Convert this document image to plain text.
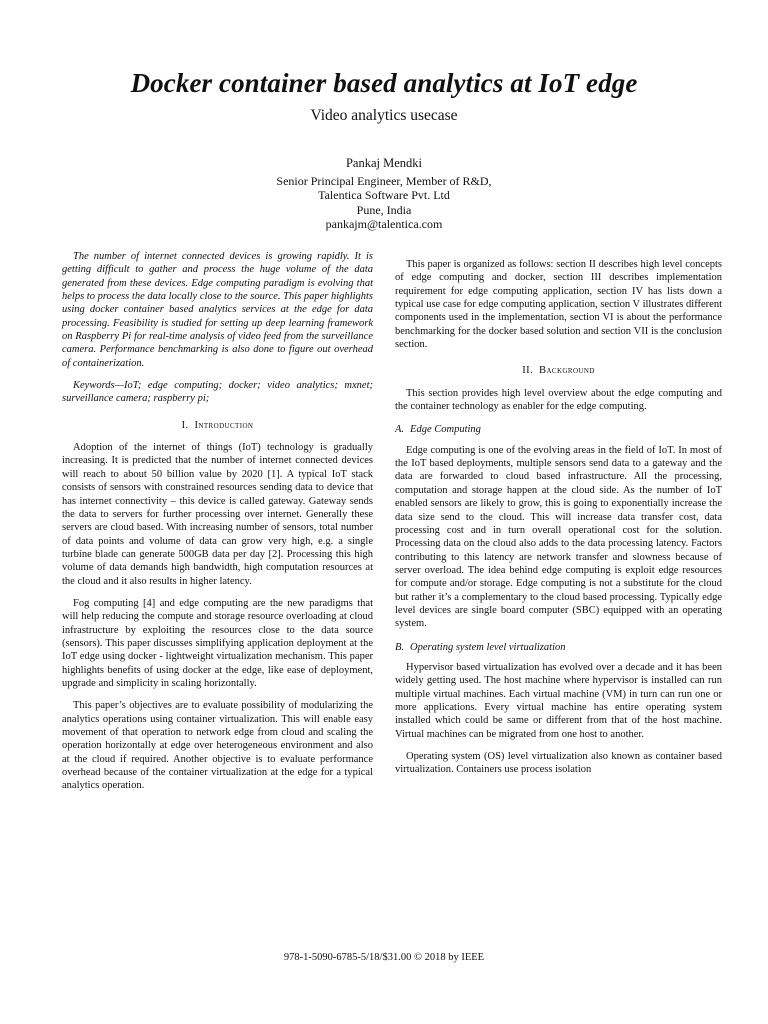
Docker container based analytics at IoT edge
Video analytics usecase
Pankaj Mendki
Senior Principal Engineer, Member of R&D,
Talentica Software Pvt. Ltd
Pune, India
pankajm@talentica.com

The number of internet connected devices is growing rapidly. It is getting difficult to gather and process the huge volume of the data generated from these devices. Edge computing paradigm is evolving that helps to process the data locally close to the source. This paper highlights using docker container based analytics services at the edge for data processing. Feasibility is studied for setting up deep learning framework on Raspberry Pi for real-time analysis of video feed from the surveillance camera. Performance benchmarking is also done to figure out overhead of containerization.

Keywords—IoT; edge computing; docker; video analytics; mxnet; surveillance camera; raspberry pi;

I. Introduction

Adoption of the internet of things (IoT) technology is gradually increasing. It is predicted that the number of internet connected devices will reach to about 50 billion value by 2020 [1]. A typical IoT stack consists of sensors with constrained resources sending data to device that has internet connectivity – this device is called gateway. Gateway sends the data to servers for further processing over internet. Generally these servers are cloud based. With increasing number of sensors, total number of data points and volume of data can grow very high, e.g. a single turbine blade can generate 500GB data per day [2]. Processing this high volume of data demands high bandwidth, high computation resources at the cloud and it also results in higher latency.

Fog computing [4] and edge computing are the new paradigms that will help reducing the compute and storage resource overloading at cloud infrastructure by exploiting the resources close to the data source (sensors). This paper discusses simplifying application deployment at the IoT edge using docker - lightweight virtualization mechanism. This paper highlights benefits of using docker at the edge, like ease of deployment, upgrade and simplicity in scaling horizontally.

This paper’s objectives are to evaluate possibility of modularizing the analytics operations using container virtualization. This will enable easy movement of that operation to network edge from cloud and scaling the operation horizontally at edge over heterogeneous environment and also at the cloud if required. Another objective is to evaluate performance overhead because of the container virtualization at the edge for a typical analytics operation.

This paper is organized as follows: section II describes high level concepts of edge computing and docker, section III describes implementation requirement for edge computing application, section IV has lists down a typical use case for edge computing application, section V illustrates different components used in the implementation, section VI is about the performance benchmarking for the docker based solution and section VII is the conclusion section.

II. Background

This section provides high level overview about the edge computing and the container technology as enabler for the edge computing.

A. Edge Computing

Edge computing is one of the evolving areas in the field of IoT. In most of the IoT based deployments, multiple sensors send data to a gateway and the data are forwarded to cloud based infrastructure. All the processing, computation and storage happen at the cloud side. As the number of IoT enabled sensors are likely to grow, this is going to exponentially increase the data size send to the cloud. This will increase data transfer cost, data processing cost and in turn overall operational cost for the solution. Processing data on the cloud also adds to the data processing latency. Factors contributing to this latency are network transfer and slowness because of server overload. The idea behind edge computing is exploit edge resources for compute and/or storage. Edge computing is not a substitute for the cloud but rather it’s a complementary to the cloud based processing. Typically edge level devices are single board computer (SBC) equipped with an operating system.

B. Operating system level virtualization

Hypervisor based virtualization has evolved over a decade and it has been widely getting used. The host machine where hypervisor is installed can run multiple virtual machines. Each virtual machine (VM) in turn can run one or more applications. Every virtual machine has entire operating system installed which could be same or different from that of the host machine. Virtual machines can be migrated from one host to another.

Operating system (OS) level virtualization also known as container based virtualization. Containers use process isolation

978-1-5090-6785-5/18/$31.00 © 2018 by IEEE
